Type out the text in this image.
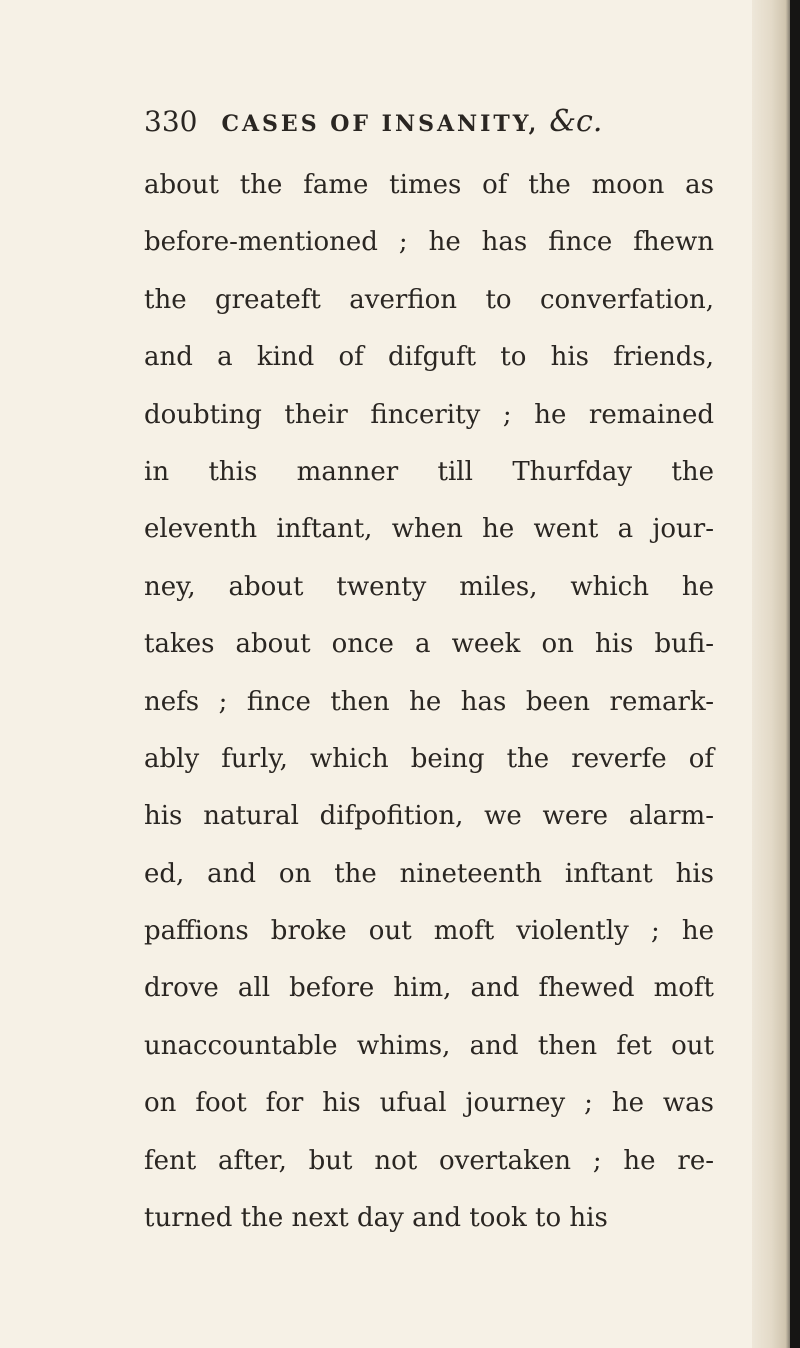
330 CASES OF INSANITY, &c.
about the fame times of the moon as
before-mentioned ; he has fince fhewn
the greateft averfion to converfation,
and a kind of difguft to his friends,
doubting their fincerity ; he remained
in this manner till Thurfday the
eleventh inftant, when he went a jour-
ney, about twenty miles, which he
takes about once a week on his bufi-
nefs ; fince then he has been remark-
ably furly, which being the reverfe of
his natural difpofition, we were alarm-
ed, and on the nineteenth inftant his
paffions broke out moft violently ; he
drove all before him, and fhewed moft
unaccountable whims, and then fet out
on foot for his ufual journey ; he was
fent after, but not overtaken ; he re-
turned the next day and took to his
